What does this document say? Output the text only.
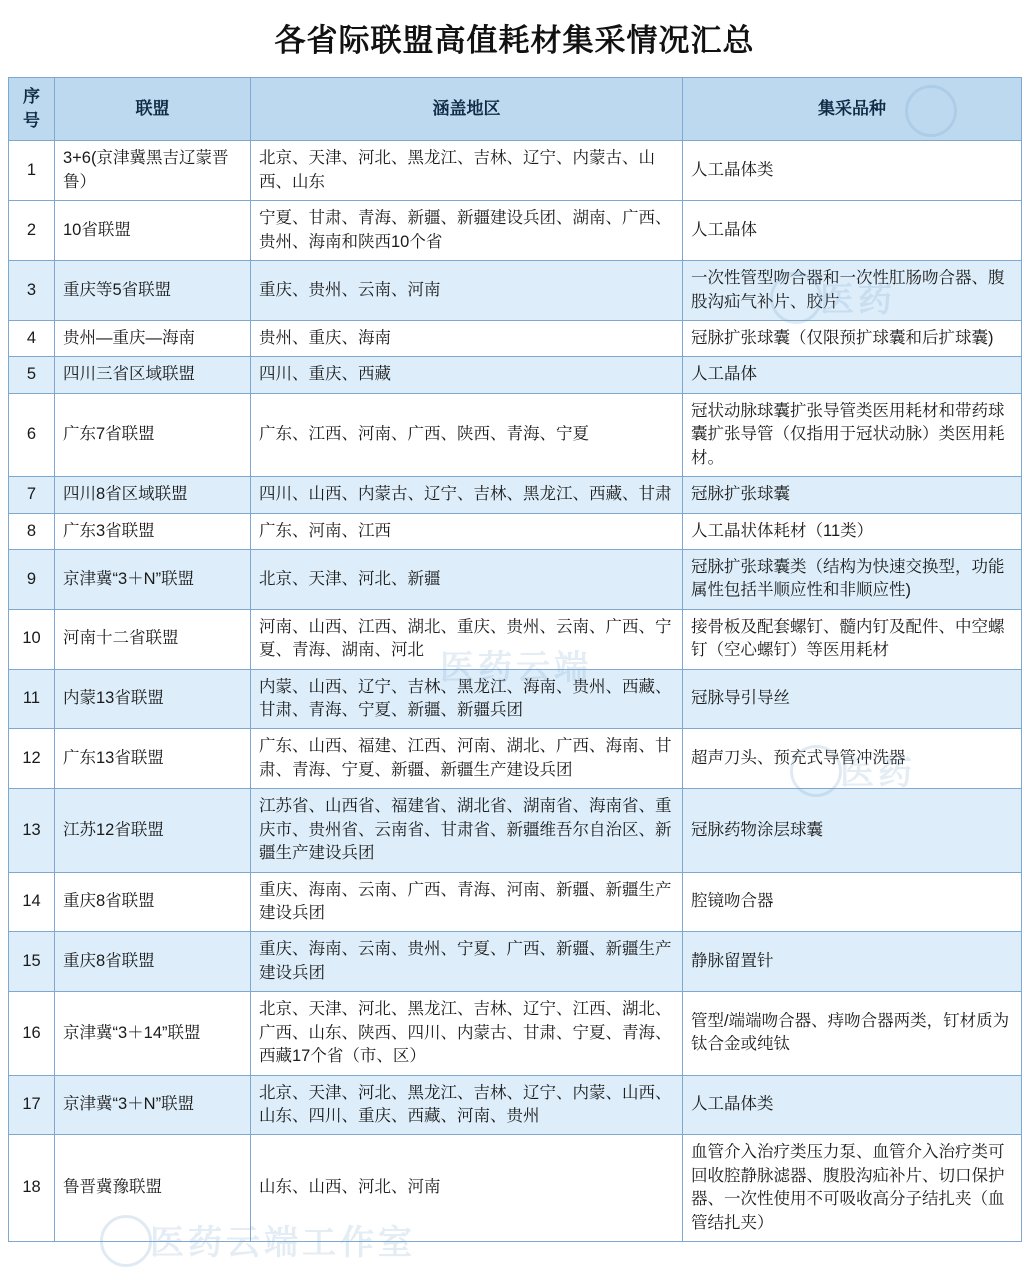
医药
医药云端
医药
医药云端工作室
各省际联盟高值耗材集采情况汇总
序号	联盟	涵盖地区	集采品种
1	3+6(京津冀黑吉辽蒙晋鲁）	北京、天津、河北、黑龙江、吉林、辽宁、内蒙古、山西、山东	人工晶体类
2	10省联盟	宁夏、甘肃、青海、新疆、新疆建设兵团、湖南、广西、贵州、海南和陕西10个省	人工晶体
3	重庆等5省联盟	重庆、贵州、云南、河南	一次性管型吻合器和一次性肛肠吻合器、腹股沟疝气补片、胶片
4	贵州—重庆—海南	贵州、重庆、海南	冠脉扩张球囊（仅限预扩球囊和后扩球囊)
5	四川三省区域联盟	四川、重庆、西藏	人工晶体
6	广东7省联盟	广东、江西、河南、广西、陕西、青海、宁夏	冠状动脉球囊扩张导管类医用耗材和带药球囊扩张导管（仅指用于冠状动脉）类医用耗材。
7	四川8省区域联盟	四川、山西、内蒙古、辽宁、吉林、黑龙江、西藏、甘肃	冠脉扩张球囊
8	广东3省联盟	广东、河南、江西	人工晶状体耗材（11类）
9	京津冀“3＋N”联盟	北京、天津、河北、新疆	冠脉扩张球囊类（结构为快速交换型，功能属性包括半顺应性和非顺应性)
10	河南十二省联盟	河南、山西、江西、湖北、重庆、贵州、云南、广西、宁夏、青海、湖南、河北	接骨板及配套螺钉、髓内钉及配件、中空螺钉（空心螺钉）等医用耗材
11	内蒙13省联盟	内蒙、山西、辽宁、吉林、黑龙江、海南、贵州、西藏、甘肃、青海、宁夏、新疆、新疆兵团	冠脉导引导丝
12	广东13省联盟	广东、山西、福建、江西、河南、湖北、广西、海南、甘肃、青海、宁夏、新疆、新疆生产建设兵团	超声刀头、预充式导管冲洗器
13	江苏12省联盟	江苏省、山西省、福建省、湖北省、湖南省、海南省、重庆市、贵州省、云南省、甘肃省、新疆维吾尔自治区、新疆生产建设兵团	冠脉药物涂层球囊
14	重庆8省联盟	重庆、海南、云南、广西、青海、河南、新疆、新疆生产建设兵团	腔镜吻合器
15	重庆8省联盟	重庆、海南、云南、贵州、宁夏、广西、新疆、新疆生产建设兵团	静脉留置针
16	京津冀“3＋14”联盟	北京、天津、河北、黑龙江、吉林、辽宁、江西、湖北、广西、山东、陕西、四川、内蒙古、甘肃、宁夏、青海、西藏17个省（市、区）	管型/端端吻合器、痔吻合器两类，钉材质为钛合金或纯钛
17	京津冀“3＋N”联盟	北京、天津、河北、黑龙江、吉林、辽宁、内蒙、山西、山东、四川、重庆、西藏、河南、贵州	人工晶体类
18	鲁晋冀豫联盟	山东、山西、河北、河南	血管介入治疗类压力泵、血管介入治疗类可回收腔静脉滤器、腹股沟疝补片、切口保护器、一次性使用不可吸收高分子结扎夹（血管结扎夹）
